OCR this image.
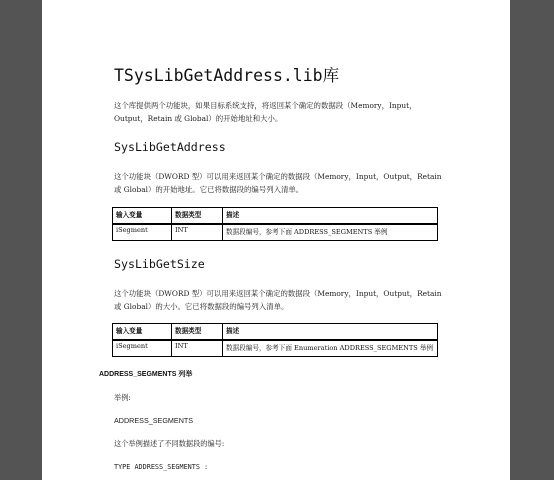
TSysLibGetAddress.lib库
这个库提供两个功能块，如果目标系统支持，将返回某个确定的数据段（Memory，Input，
Output，Retain 或 Global）的开始地址和大小。
SysLibGetAddress
这个功能块（DWORD 型）可以用来返回某个确定的数据段（Memory，Input，Output，Retain
或 Global）的开始地址。它已将数据段的编号列入清单。
输入变量	数据类型	描述
iSegment	INT	数据段编号，参考下面 ADDRESS_SEGMENTS 举例
SysLibGetSize
这个功能块（DWORD 型）可以用来返回某个确定的数据段（Memory，Input，Output，Retain
或 Global）的大小。它已将数据段的编号列入清单。
输入变量	数据类型	描述
iSegment	INT	数据段编号，参考下面 Enumeration ADDRESS_SEGMENTS 举例
ADDRESS_SEGMENTS 列举
举例:
ADDRESS_SEGMENTS
这个举例描述了不同数据段的编号:
TYPE ADDRESS_SEGMENTS :
